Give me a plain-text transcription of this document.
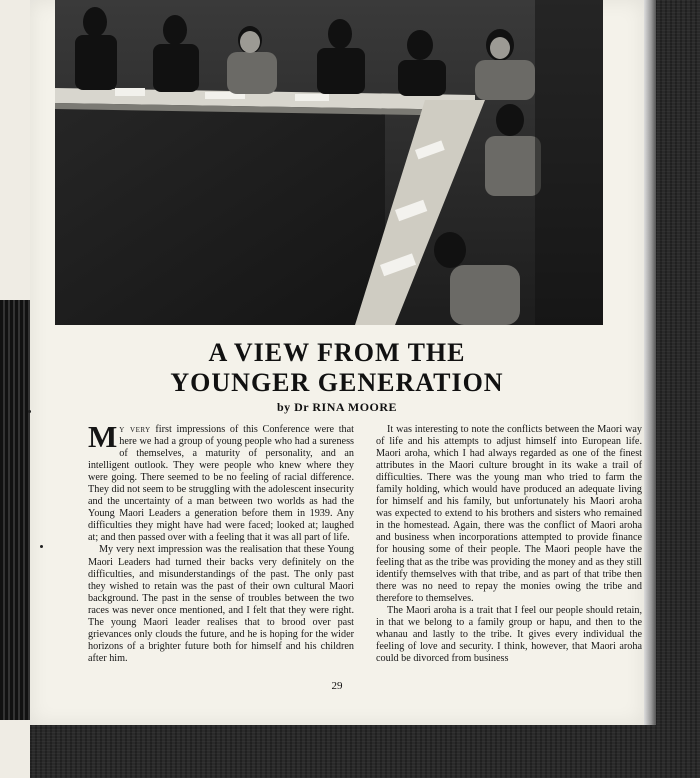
A VIEW FROM THE
YOUNGER GENERATION
by Dr RINA MOORE

My very first impressions of this Conference were that here we had a group of young people who had a sureness of themselves, a maturity of personality, and an intelligent outlook. They were people who knew where they were going. There seemed to be no feeling of racial difference. They did not seem to be struggling with the adolescent insecurity and the uncertainty of a man between two worlds as had the Young Maori Leaders a generation before them in 1939. Any difficulties they might have had were faced; looked at; laughed at; and then passed over with a feeling that it was all part of life.

My very next impression was the realisation that these Young Maori Leaders had turned their backs very definitely on the difficulties, and misunderstandings of the past. The only past they wished to retain was the past of their own cultural Maori background. The past in the sense of troubles between the two races was never once mentioned, and I felt that they were right. The young Maori leader realises that to brood over past grievances only clouds the future, and he is hoping for the wider horizons of a brighter future both for himself and his children after him.

It was interesting to note the conflicts between the Maori way of life and his attempts to adjust himself into European life. Maori aroha, which I had always regarded as one of the finest attributes in the Maori culture brought in its wake a trail of difficulties. There was the young man who tried to farm the family holding, which would have produced an adequate living for himself and his family, but unfortunately his Maori aroha was expected to extend to his brothers and sisters who remained in the homestead. Again, there was the conflict of Maori aroha and business when incorporations attempted to provide finance for housing some of their people. The Maori people have the feeling that as the tribe was providing the money and as they still identify themselves with that tribe, and as part of that tribe then there was no need to repay the monies owing the tribe and therefore to themselves.

The Maori aroha is a trait that I feel our people should retain, in that we belong to a family group or hapu, and then to the whanau and lastly to the tribe. It gives every individual the feeling of love and security. I think, however, that Maori aroha could be divorced from business

29
